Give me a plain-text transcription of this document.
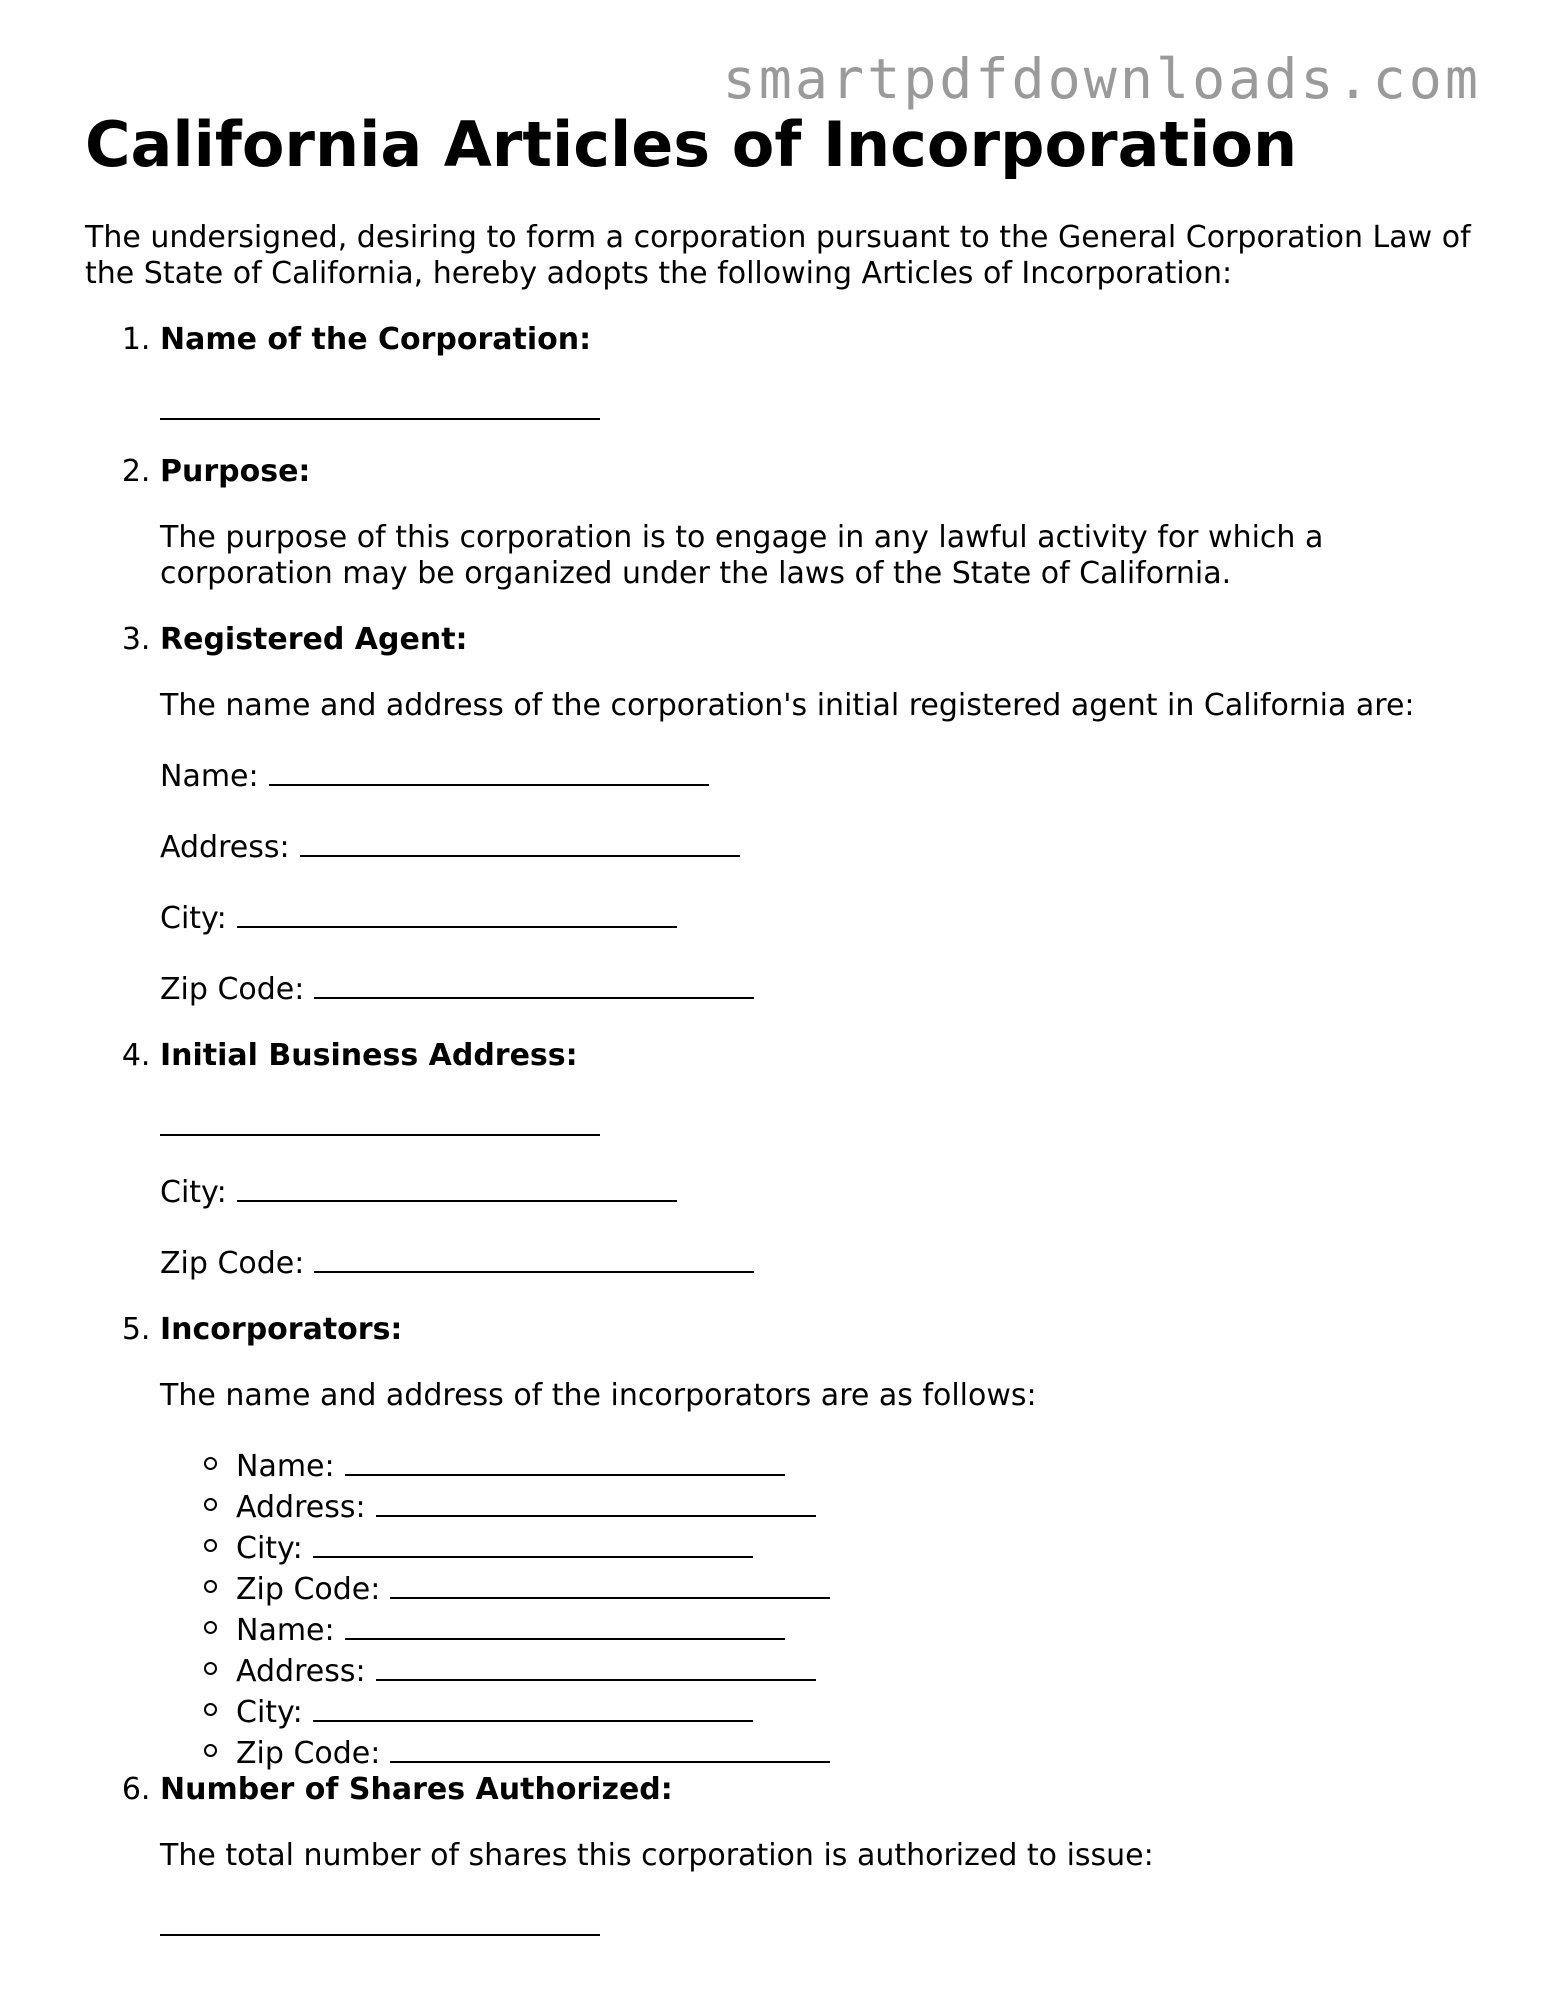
smartpdfdownloads.com
California Articles of Incorporation

The undersigned, desiring to form a corporation pursuant to the General Corporation Law of the State of California, hereby adopts the following Articles of Incorporation:

1. Name of the Corporation:
2. Purpose:
The purpose of this corporation is to engage in any lawful activity for which a corporation may be organized under the laws of the State of California.
3. Registered Agent:
The name and address of the corporation's initial registered agent in California are:
Name:
Address:
City:
Zip Code:
4. Initial Business Address:
City:
Zip Code:
5. Incorporators:
The name and address of the incorporators are as follows:
Name:
Address:
City:
Zip Code:
Name:
Address:
City:
Zip Code:
6. Number of Shares Authorized:
The total number of shares this corporation is authorized to issue:
